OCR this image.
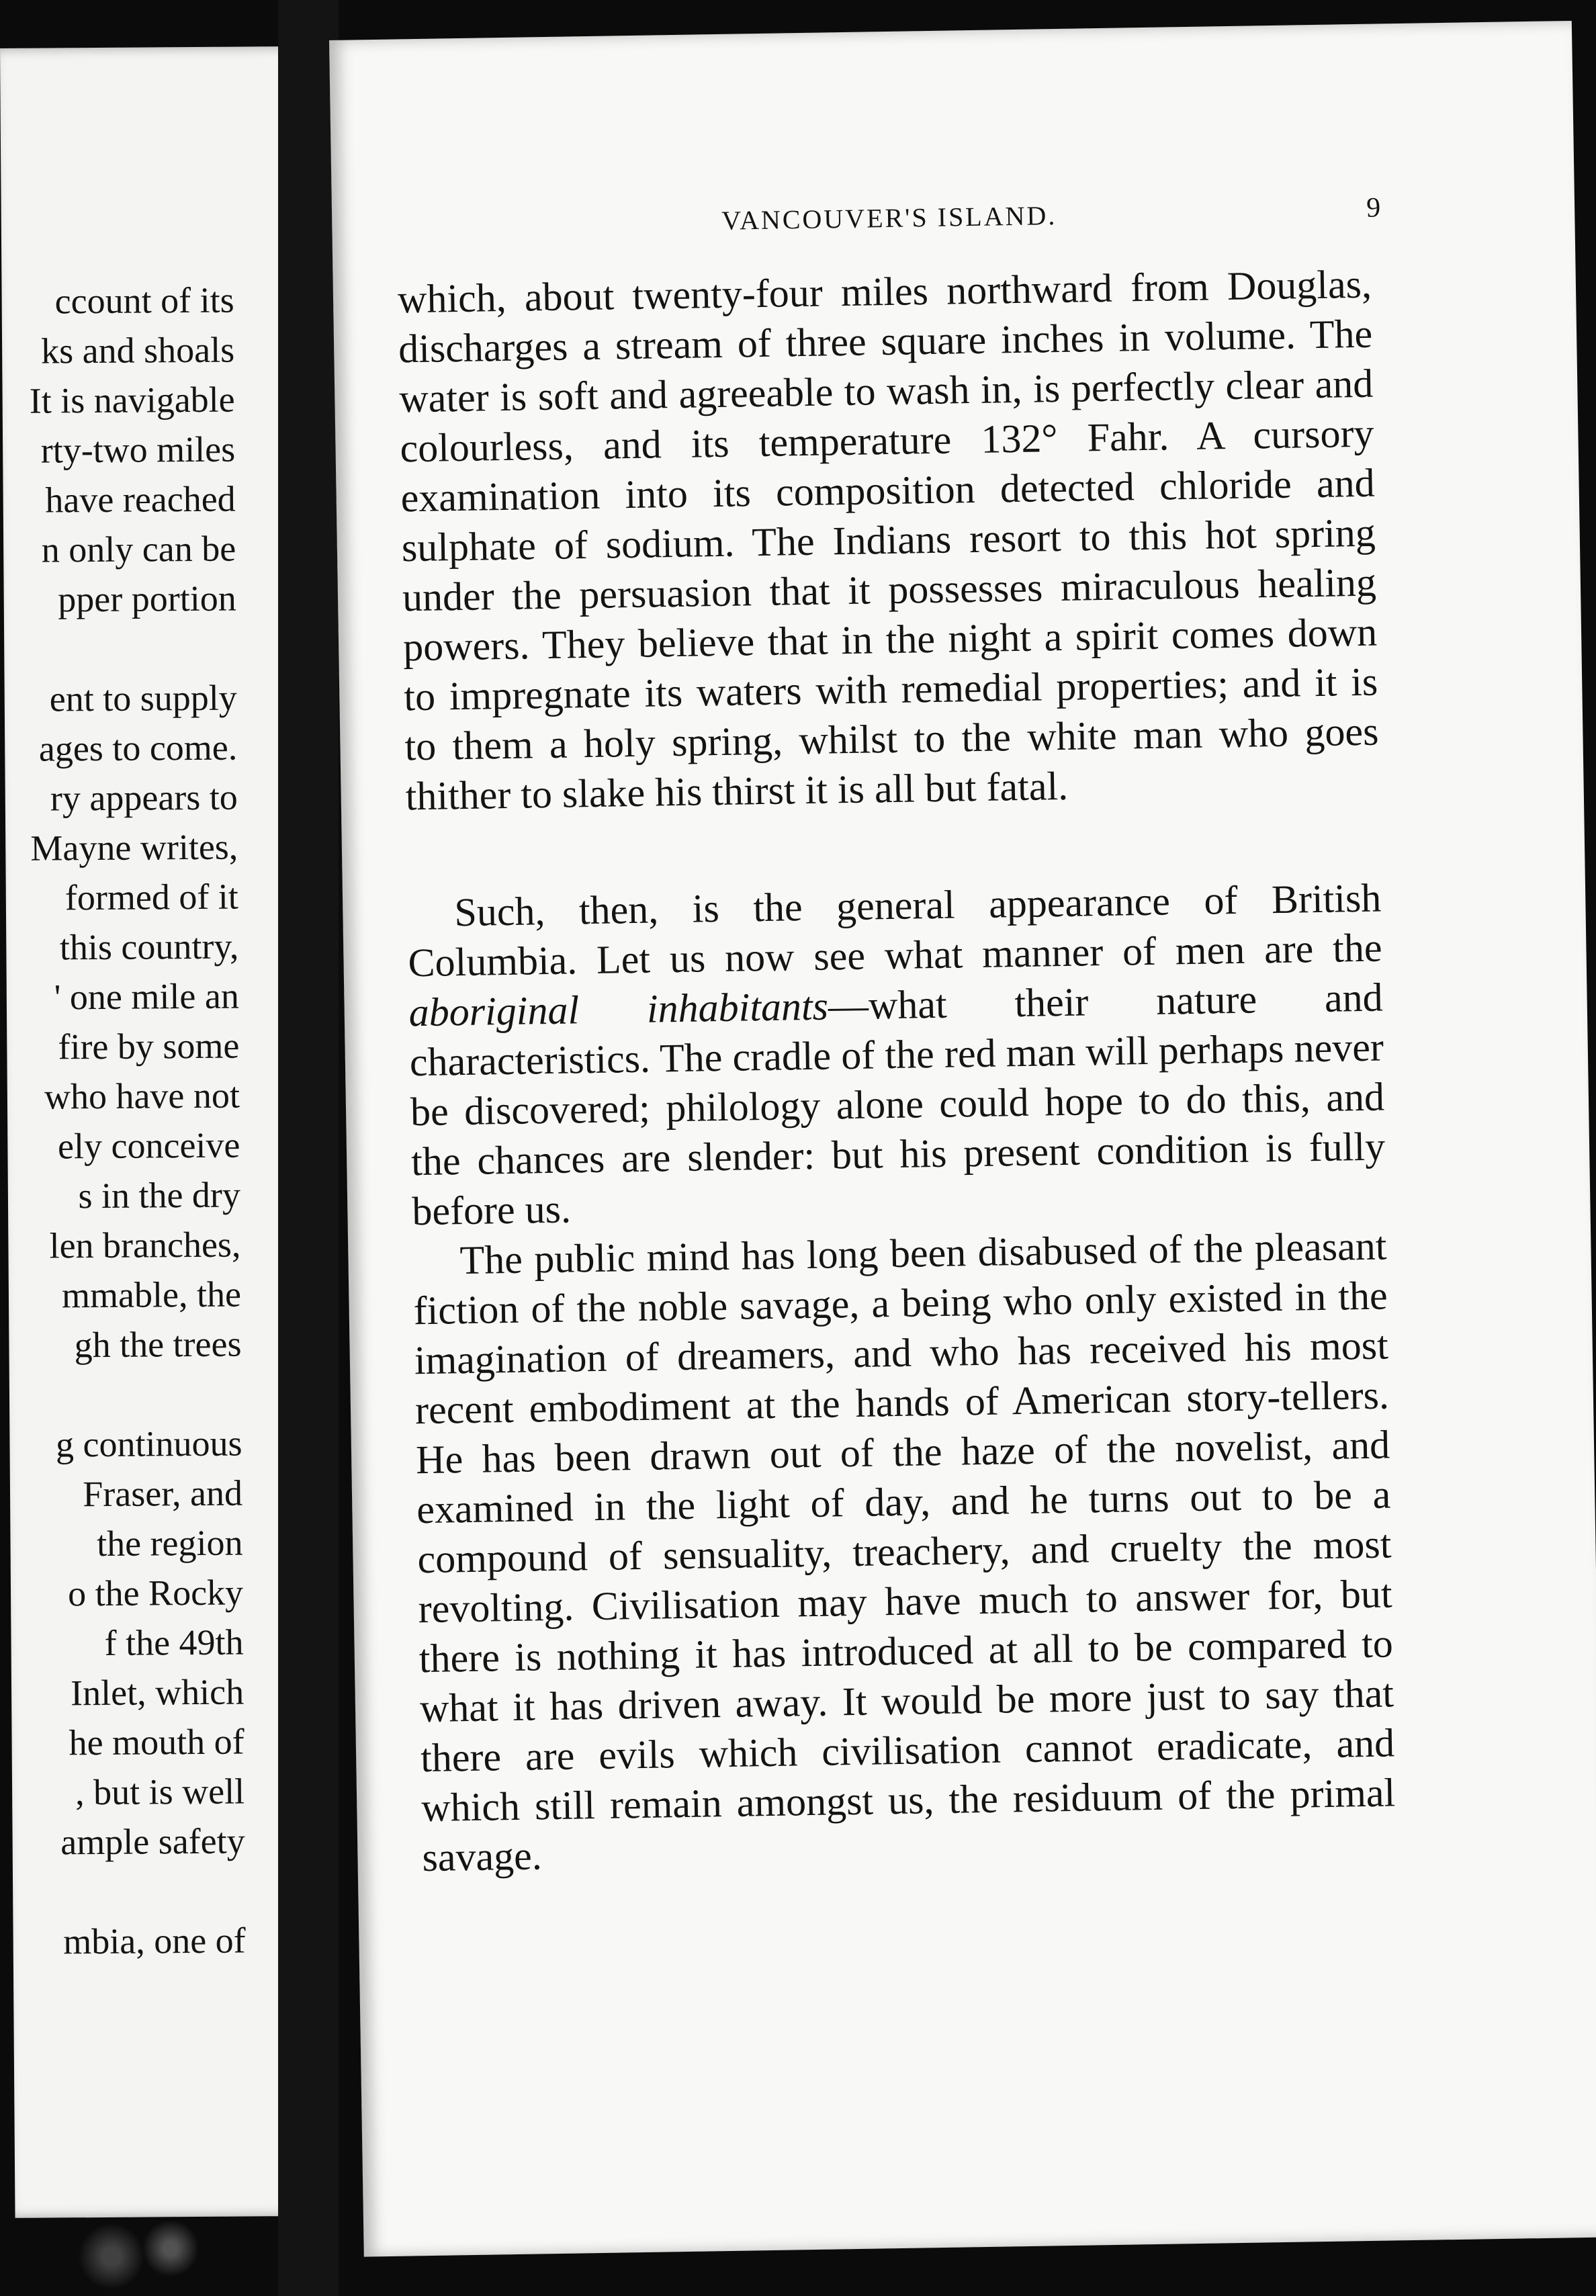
ccount of its
ks and shoals
It is navigable
rty-two miles
have reached
n only can be
pper portion
ent to supply
ages to come.
ry appears to
Mayne writes,
formed of it
this country,
' one mile an
fire by some
who have not
ely conceive
s in the dry
len branches,
mmable, the
gh the trees
g continuous
Fraser, and
the region
o the Rocky
f the 49th
Inlet, which
he mouth of
, but is well
ample safety
mbia, one of
VANCOUVER'S ISLAND.	9

which, about twenty-four miles northward from Douglas, discharges a stream of three square inches in volume. The water is soft and agreeable to wash in, is perfectly clear and colourless, and its temperature 132° Fahr. A cursory examination into its composition detected chloride and sulphate of sodium. The Indians resort to this hot spring under the persuasion that it possesses miraculous healing powers. They believe that in the night a spirit comes down to impregnate its waters with remedial properties; and it is to them a holy spring, whilst to the white man who goes thither to slake his thirst it is all but fatal.

Such, then, is the general appearance of British Columbia. Let us now see what manner of men are the aboriginal inhabitants—what their nature and characteristics. The cradle of the red man will perhaps never be discovered; philology alone could hope to do this, and the chances are slender: but his present condition is fully before us.

The public mind has long been disabused of the pleasant fiction of the noble savage, a being who only existed in the imagination of dreamers, and who has received his most recent embodiment at the hands of American story-tellers. He has been drawn out of the haze of the novelist, and examined in the light of day, and he turns out to be a compound of sensuality, treachery, and cruelty the most revolting. Civilisation may have much to answer for, but there is nothing it has introduced at all to be compared to what it has driven away. It would be more just to say that there are evils which civilisation cannot eradicate, and which still remain amongst us, the residuum of the primal savage.
